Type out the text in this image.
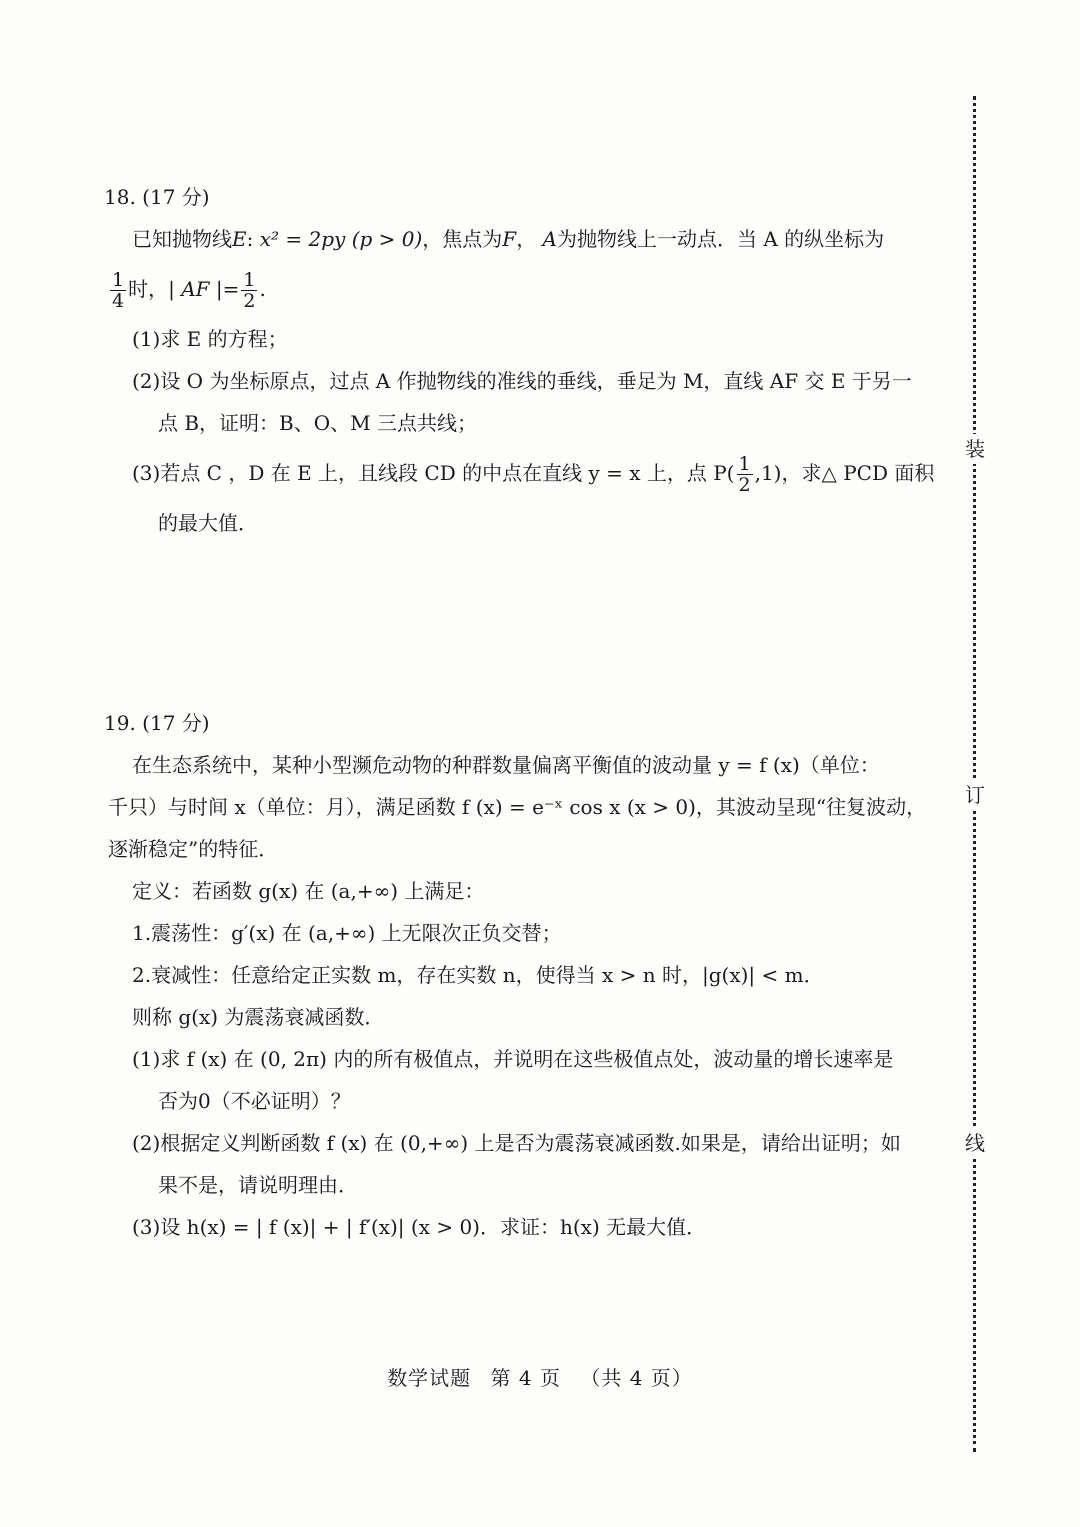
18. (17 分)
已知抛物线E: x² = 2py (p > 0)，焦点为F， A为抛物线上一动点．当 A 的纵坐标为
$\frac{1}{4}$ 时，| AF |= $\frac{1}{2}$ .
(1)求 E 的方程；
(2)设 O 为坐标原点，过点 A 作抛物线的准线的垂线，垂足为 M，直线 AF 交 E 于另一
点 B，证明：B、O、M 三点共线；
(3)若点 C ，D 在 E 上，且线段 CD 的中点在直线 y = x 上，点 $P( \frac{1}{2} ,1)$，求△ PCD 面积
的最大值．
19. (17 分)
在生态系统中，某种小型濒危动物的种群数量偏离平衡值的波动量 y = f (x)（单位：
千只）与时间 x（单位：月），满足函数 f (x) = e⁻ˣ cos x (x > 0)，其波动呈现“往复波动，
逐渐稳定”的特征．
定义：若函数 g(x) 在 (a,+∞) 上满足：
1.震荡性：g′(x) 在 (a,+∞) 上无限次正负交替；
2.衰减性：任意给定正实数 m，存在实数 n，使得当 x > n 时，|g(x)| < m．
则称 g(x) 为震荡衰减函数．
(1)求 f (x) 在 (0, 2π) 内的所有极值点，并说明在这些极值点处，波动量的增长速率是
否为0（不必证明）？
(2)根据定义判断函数 f (x) 在 (0,+∞) 上是否为震荡衰减函数.如果是，请给出证明；如
果不是，请说明理由．
(3)设 h(x) = | f (x)| + | f′(x)| (x > 0)．求证：h(x) 无最大值．
数学试题 第 4 页 （共 4 页）
装
订
线
